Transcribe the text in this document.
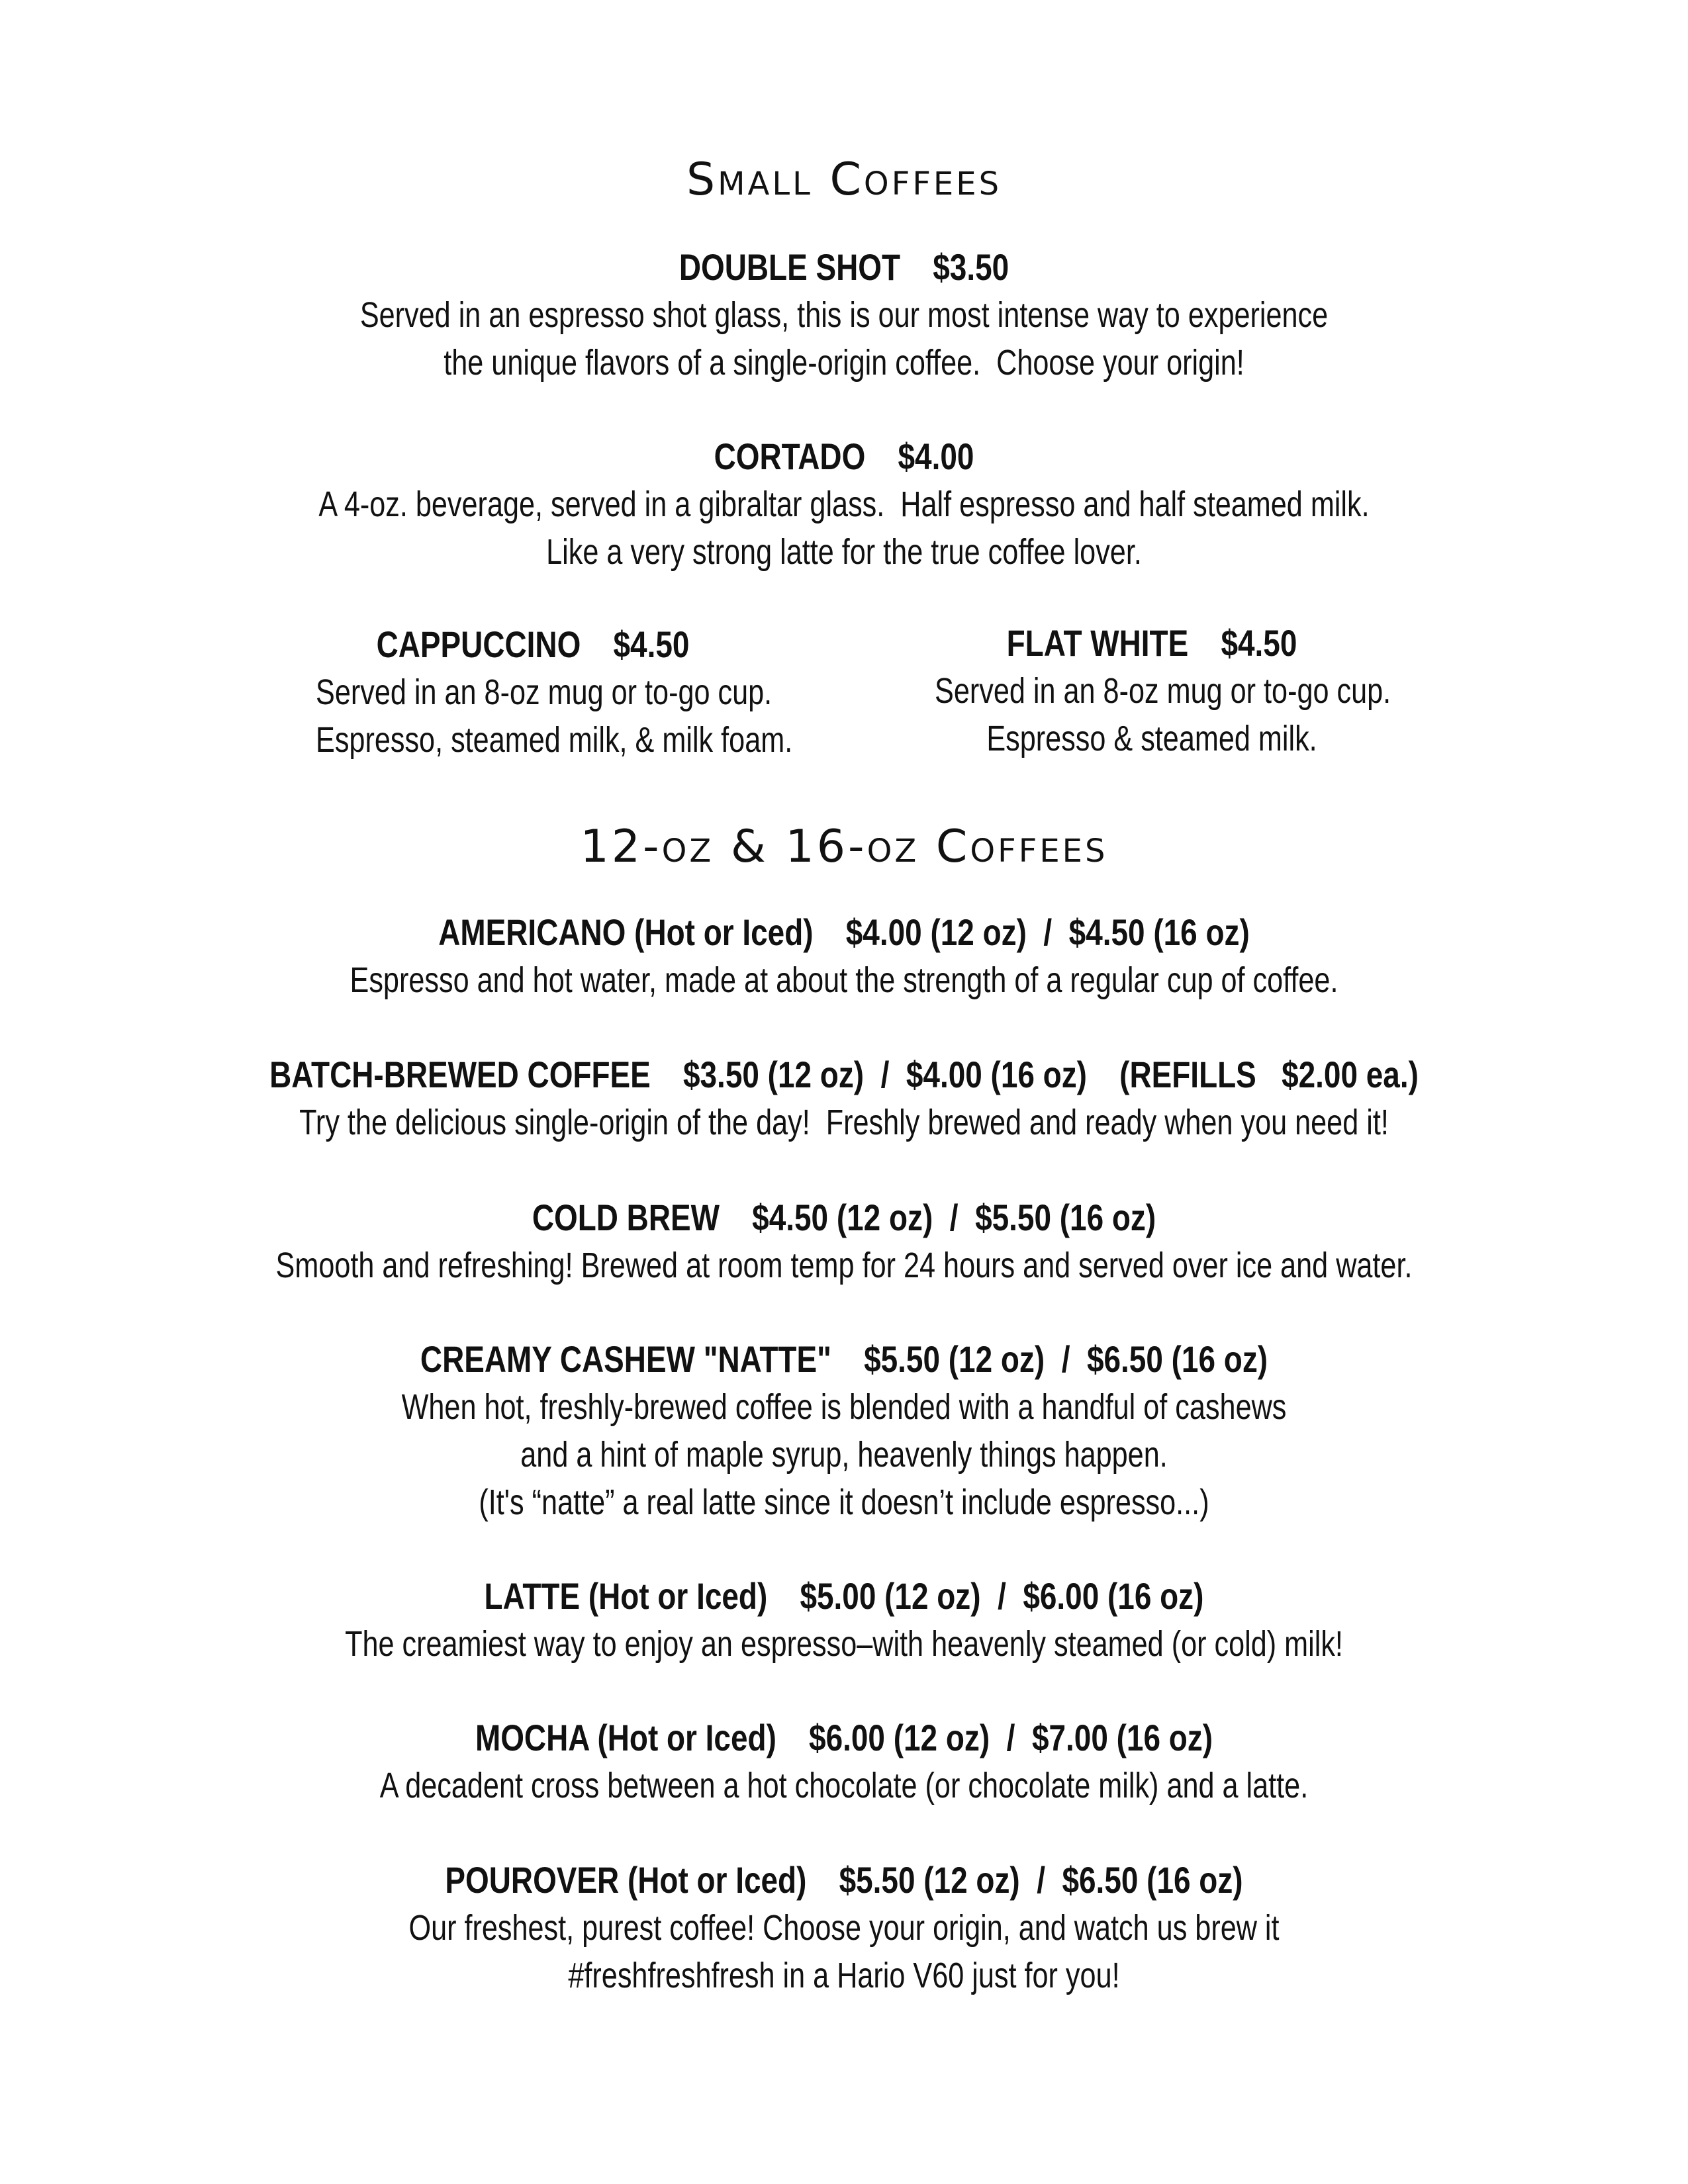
Small Coffees
DOUBLE SHOT $3.50
Served in an espresso shot glass, this is our most intense way to experience
the unique flavors of a single-origin coffee.  Choose your origin!
CORTADO $4.00
A 4-oz. beverage, served in a gibraltar glass.  Half espresso and half steamed milk.
Like a very strong latte for the true coffee lover.
CAPPUCCINO $4.50
Served in an 8-oz mug or to-go cup.
Espresso, steamed milk, & milk foam.
FLAT WHITE $4.50
Served in an 8-oz mug or to-go cup.
Espresso & steamed milk.
12-oz & 16-oz Coffees
AMERICANO (Hot or Iced) $4.00 (12 oz)  /  $4.50 (16 oz)
Espresso and hot water, made at about the strength of a regular cup of coffee.
BATCH-BREWED COFFEE $3.50 (12 oz)  /  $4.00 (16 oz) (REFILLS   $2.00 ea.)
Try the delicious single-origin of the day!  Freshly brewed and ready when you need it!
COLD BREW $4.50 (12 oz)  /  $5.50 (16 oz)
Smooth and refreshing! Brewed at room temp for 24 hours and served over ice and water.
CREAMY CASHEW "NATTE" $5.50 (12 oz)  /  $6.50 (16 oz)
When hot, freshly-brewed coffee is blended with a handful of cashews
and a hint of maple syrup, heavenly things happen.
(It's “natte” a real latte since it doesn’t include espresso...)
LATTE (Hot or Iced) $5.00 (12 oz)  /  $6.00 (16 oz)
The creamiest way to enjoy an espresso–with heavenly steamed (or cold) milk!
MOCHA (Hot or Iced) $6.00 (12 oz)  /  $7.00 (16 oz)
A decadent cross between a hot chocolate (or chocolate milk) and a latte.
POUROVER (Hot or Iced) $5.50 (12 oz)  /  $6.50 (16 oz)
Our freshest, purest coffee! Choose your origin, and watch us brew it
#freshfreshfresh in a Hario V60 just for you!
